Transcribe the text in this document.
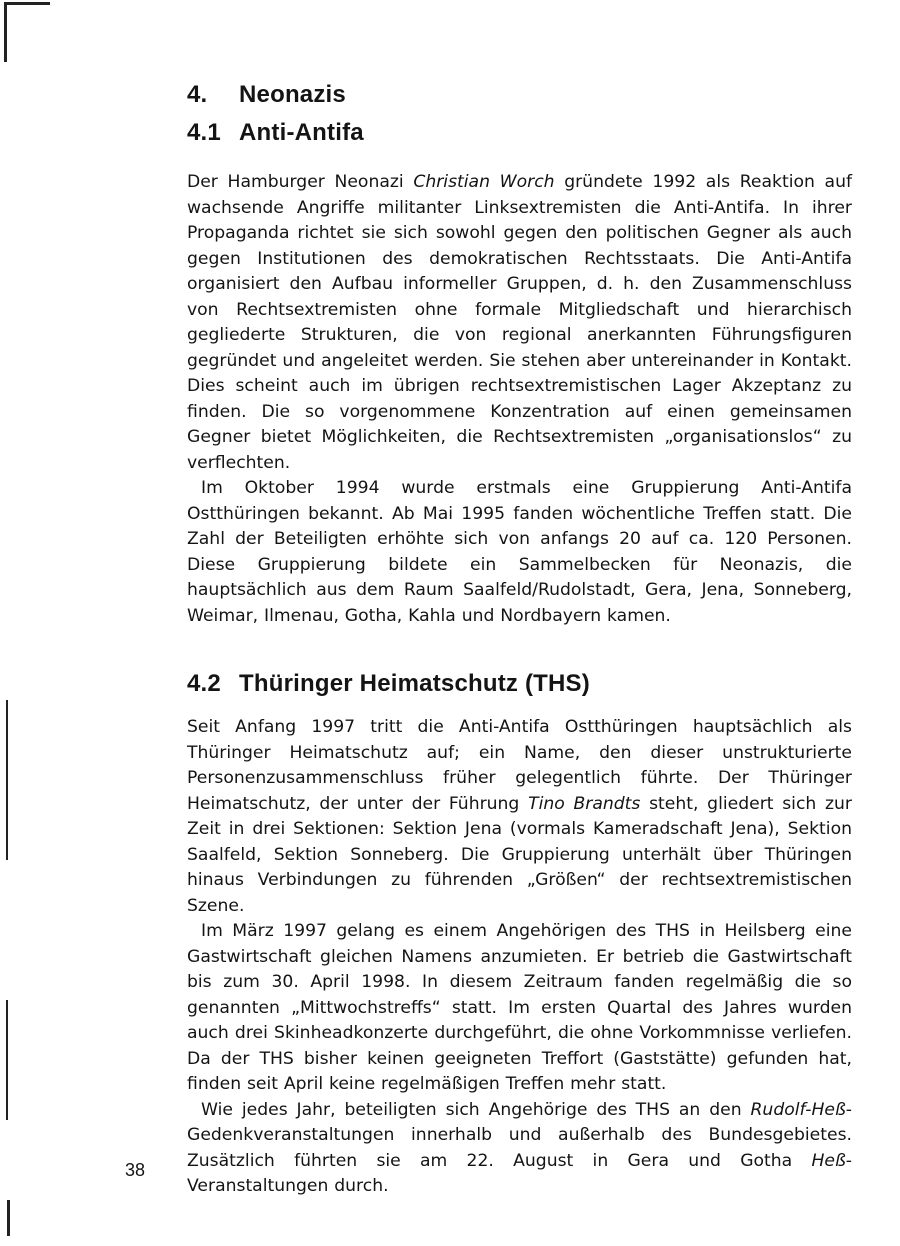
4. Neonazis
4.1 Anti-Antifa

Der Hamburger Neonazi Christian Worch gründete 1992 als Reaktion auf wachsende Angriffe militanter Linksextremisten die Anti-Antifa. In ihrer Propaganda richtet sie sich sowohl gegen den politischen Gegner als auch gegen Institutionen des demokratischen Rechtsstaats. Die Anti-Antifa organisiert den Aufbau informeller Gruppen, d. h. den Zusammenschluss von Rechtsextremisten ohne formale Mitgliedschaft und hierarchisch gegliederte Strukturen, die von regional anerkannten Führungsfiguren gegründet und angeleitet werden. Sie stehen aber untereinander in Kontakt. Dies scheint auch im übrigen rechtsextremistischen Lager Akzeptanz zu finden. Die so vorgenommene Konzentration auf einen gemeinsamen Gegner bietet Möglichkeiten, die Rechtsextremisten „organisationslos“ zu verflechten.

Im Oktober 1994 wurde erstmals eine Gruppierung Anti-Antifa Ostthüringen bekannt. Ab Mai 1995 fanden wöchentliche Treffen statt. Die Zahl der Beteiligten erhöhte sich von anfangs 20 auf ca. 120 Personen. Diese Gruppierung bildete ein Sammelbecken für Neonazis, die hauptsächlich aus dem Raum Saalfeld/Rudolstadt, Gera, Jena, Sonneberg, Weimar, Ilmenau, Gotha, Kahla und Nordbayern kamen.

4.2 Thüringer Heimatschutz (THS)

Seit Anfang 1997 tritt die Anti-Antifa Ostthüringen hauptsächlich als Thüringer Heimatschutz auf; ein Name, den dieser unstrukturierte Personenzusammenschluss früher gelegentlich führte. Der Thüringer Heimatschutz, der unter der Führung Tino Brandts steht, gliedert sich zur Zeit in drei Sektionen: Sektion Jena (vormals Kameradschaft Jena), Sektion Saalfeld, Sektion Sonneberg. Die Gruppierung unterhält über Thüringen hinaus Verbindungen zu führenden „Größen“ der rechtsextremistischen Szene.

Im März 1997 gelang es einem Angehörigen des THS in Heilsberg eine Gastwirtschaft gleichen Namens anzumieten. Er betrieb die Gastwirtschaft bis zum 30. April 1998. In diesem Zeitraum fanden regelmäßig die so genannten „Mittwochstreffs“ statt. Im ersten Quartal des Jahres wurden auch drei Skinheadkonzerte durchgeführt, die ohne Vorkommnisse verliefen. Da der THS bisher keinen geeigneten Treffort (Gaststätte) gefunden hat, finden seit April keine regelmäßigen Treffen mehr statt.

Wie jedes Jahr, beteiligten sich Angehörige des THS an den Rudolf-Heß-Gedenkveranstaltungen innerhalb und außerhalb des Bundesgebietes. Zusätzlich führten sie am 22. August in Gera und Gotha Heß-Veranstaltungen durch.

38
